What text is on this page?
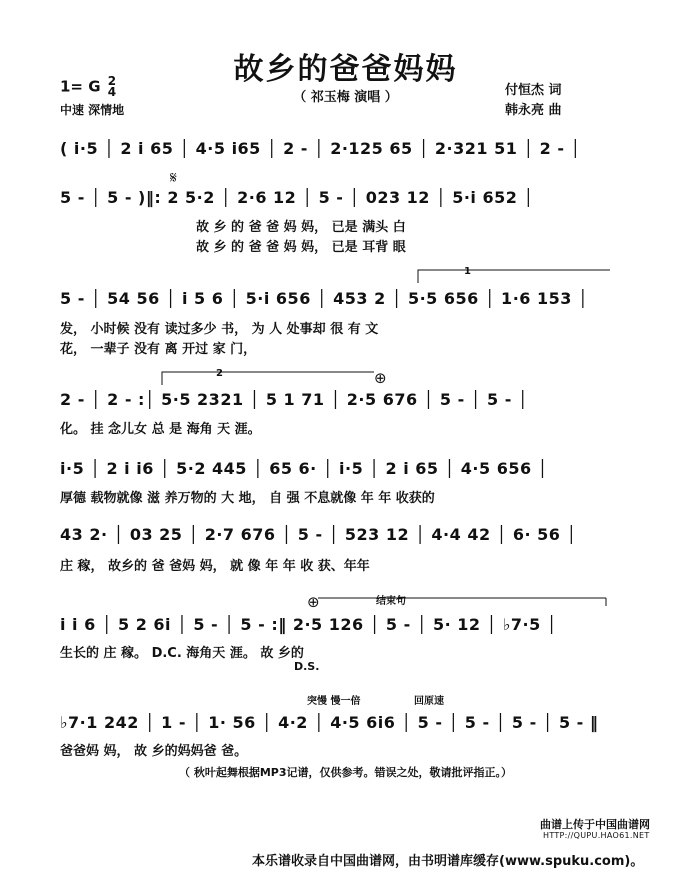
故乡的爸爸妈妈
（ 祁玉梅 演唱 ）
1= G 2
4
中速 深情地
付恒杰 词
韩永亮 曲
( i·5 │ 2 i 65 │ 4·5 i65 │ 2 - │ 2·125 65 │ 2·321 51 │ 2 - │
5 - │ 5 - )‖: 2 5·2 │ 2·6 12 │ 5 - │ 023 12 │ 5·i 652 │
故 乡 的 爸 爸 妈 妈， 已是 满头 白
故 乡 的 爸 爸 妈 妈， 已是 耳背 眼
5 - │ 54 56 │ i 5 6 │ 5·i 656 │ 453 2 │ 5·5 656 │ 1·6 153 │
发， 小时候 没有 读过多少 书， 为 人 处事却 很 有 文
花， 一辈子 没有 离 开过 家 门，
2 - │ 2 - :│ 5·5 2321 │ 5 1 71 │ 2·5 676 │ 5 - │ 5 - │
化。 挂 念儿女 总 是 海角 天 涯。
i·5 │ 2 i i6 │ 5·2 445 │ 65 6· │ i·5 │ 2 i 65 │ 4·5 656 │
厚德 载物就像 滋 养万物的 大 地， 自 强 不息就像 年 年 收获的
43 2· │ 03 25 │ 2·7 676 │ 5 - │ 523 12 │ 4·4 42 │ 6· 56 │
庄 稼， 故乡的 爸 爸妈 妈， 就 像 年 年 收 获、年年
结束句
i i 6 │ 5 2 6i │ 5 - │ 5 - :‖ 2·5 126 │ 5 - │ 5· 12 │ ♭7·5 │
生长的 庄 稼。 D.C. 海角天 涯。 故 乡的
D.S.
突慢 慢一倍	回原速
♭7·1 242 │ 1 - │ 1· 56 │ 4·2 │ 4·5 6i6 │ 5 - │ 5 - │ 5 - │ 5 - ‖
爸爸妈 妈， 故 乡的妈妈爸 爸。
𝄋
⊕
⊕
1
2
（ 秋叶起舞根据MP3记谱，仅供参考。错误之处，敬请批评指正。）
曲谱上传于中国曲谱网
HTTP://QUPU.HAO61.NET
本乐谱收录自中国曲谱网，由书明谱库缓存(www.spuku.com)。
